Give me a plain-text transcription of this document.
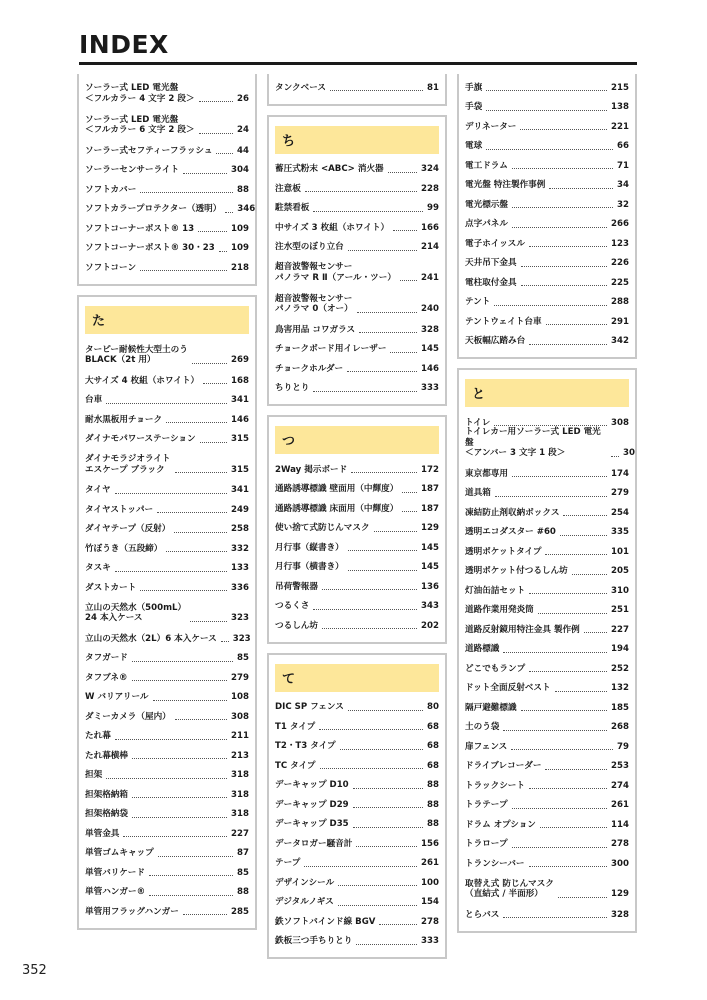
INDEX
ソーラー式 LED 電光盤
＜フルカラー 4 文字 2 段＞	26
ソーラー式 LED 電光盤
＜フルカラー 6 文字 2 段＞	24
ソーラー式セフティーフラッシュ	44
ソーラーセンサーライト	304
ソフトカバー	88
ソフトカラープロテクター（透明） 346
ソフトコーナーポスト® 13	109
ソフトコーナーポスト® 30・23 109
ソフトコーン	218
た
ターピー耐候性大型土のう
BLACK（2t 用）	269
大サイズ 4 枚組（ホワイト）	168
台車	341
耐水黒板用チョーク	146
ダイナモパワーステーション	315
ダイナモラジオライト
エスケープ ブラック	315
タイヤ	341
タイヤストッパー	249
ダイヤテープ（反射）	258
竹ぼうき（五段締）	332
タスキ	133
ダストカート	336
立山の天然水（500mL）
24 本入ケース	323
立山の天然水（2L）6 本入ケース 323
タフガード	85
タフブネ®	279
W バリアリール	108
ダミーカメラ（屋内）	308
たれ幕	211
たれ幕横棒	213
担架	318
担架格納箱	318
担架格納袋	318
単管金具	227
単管ゴムキャップ	87
単管バリケード	85
単管ハンガー®	88
単管用フラッグハンガー	285
タンクベース	81
ち
蓄圧式粉末 <ABC> 消火器	324
注意板	228
駐禁看板	99
中サイズ 3 枚組（ホワイト）	166
注水型のぼり立台	214
超音波警報センサー
パノラマ R Ⅱ（アール・ツー）	241
超音波警報センサー
パノラマ 0（オー）	240
鳥害用品 コワガラス	328
チョークボード用イレーザー	145
チョークホルダー	146
ちりとり	333
つ
2Way 掲示ボード	172
通路誘導標識 壁面用（中輝度）	187
通路誘導標識 床面用（中輝度）	187
使い捨て式防じんマスク	129
月行事（縦書き）	145
月行事（横書き）	145
吊荷警報器	136
つるくさ	343
つるしん坊	202
て
DIC SP フェンス	80
T1 タイプ	68
T2・T3 タイプ	68
TC タイプ	68
デーキャップ D10	88
デーキャップ D29	88
デーキャップ D35	88
データロガー騒音計	156
テープ	261
デザインシール	100
デジタルノギス	154
鉄ソフトバインド線 BGV	278
鉄板三つ手ちりとり	333
手旗	215
手袋	138
デリネーター	221
電球	66
電工ドラム	71
電光盤 特注製作事例	34
電光標示盤	32
点字パネル	266
電子ホイッスル	123
天井吊下金具	226
電柱取付金具	225
テント	288
テントウェイト台車	291
天板幅広踏み台	342
と
トイレ	308
トイレカー用ソーラー式 LED 電光盤
＜アンバー 3 文字 1 段＞	30
東京都専用	174
道具箱	279
凍結防止剤収納ボックス	254
透明エコダスター #60	335
透明ポケットタイプ	101
透明ポケット付つるしん坊	205
灯油缶詰セット	310
道路作業用発炎筒	251
道路反射鏡用特注金具 製作例	227
道路標識	194
どこでもランプ	252
ドット全面反射ベスト	132
隔戸避難標識	185
土のう袋	268
扉フェンス	79
ドライブレコーダー	253
トラックシート	274
トラテープ	261
ドラム オプション	114
トラロープ	278
トランシーバー	300
取替え式 防じんマスク
（直結式 / 半面形）	129
とらバス	328
352
